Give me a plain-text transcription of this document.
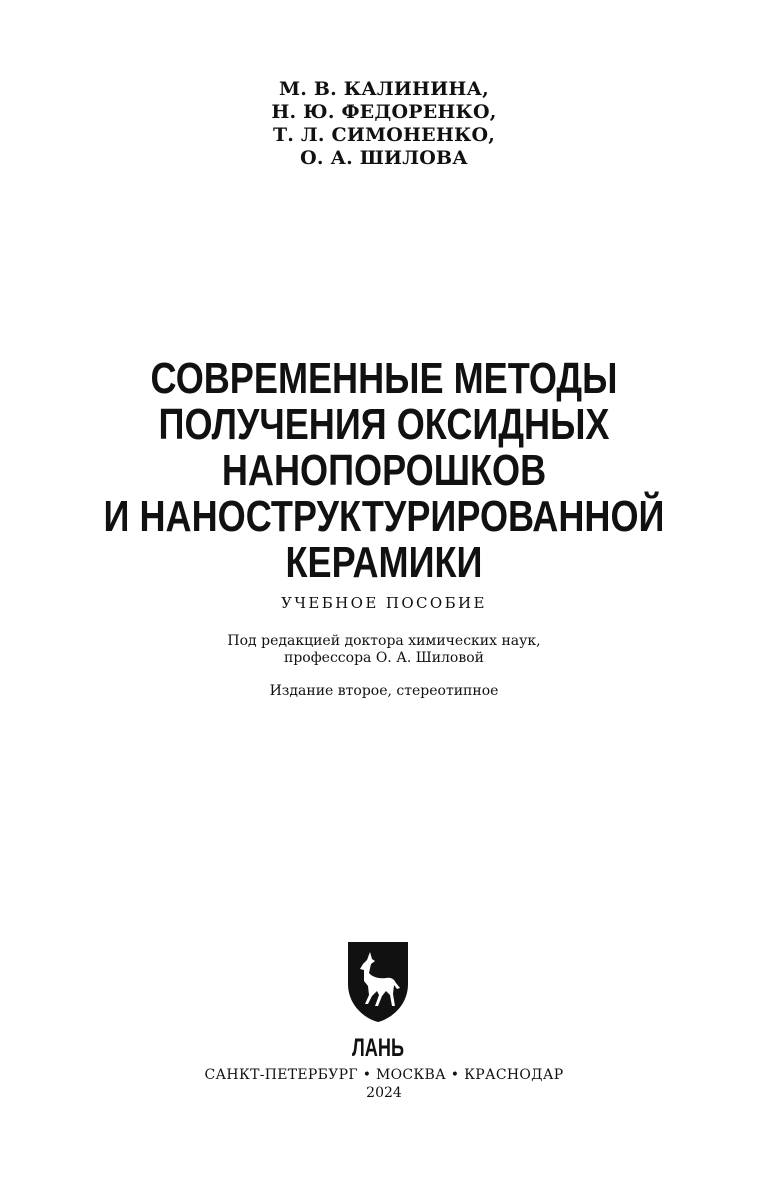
М. В. КАЛИНИНА,
Н. Ю. ФЕДОРЕНКО,
Т. Л. СИМОНЕНКО,
О. А. ШИЛОВА
СОВРЕМЕННЫЕ МЕТОДЫ
ПОЛУЧЕНИЯ ОКСИДНЫХ
НАНОПОРОШКОВ
И НАНОСТРУКТУРИРОВАННОЙ
КЕРАМИКИ
УЧЕБНОЕ ПОСОБИЕ
Под редакцией доктора химических наук,
профессора О. А. Шиловой
Издание второе, стереотипное
ЛАНЬ
САНКТ-ПЕТЕРБУРГ • МОСКВА • КРАСНОДАР
2024
